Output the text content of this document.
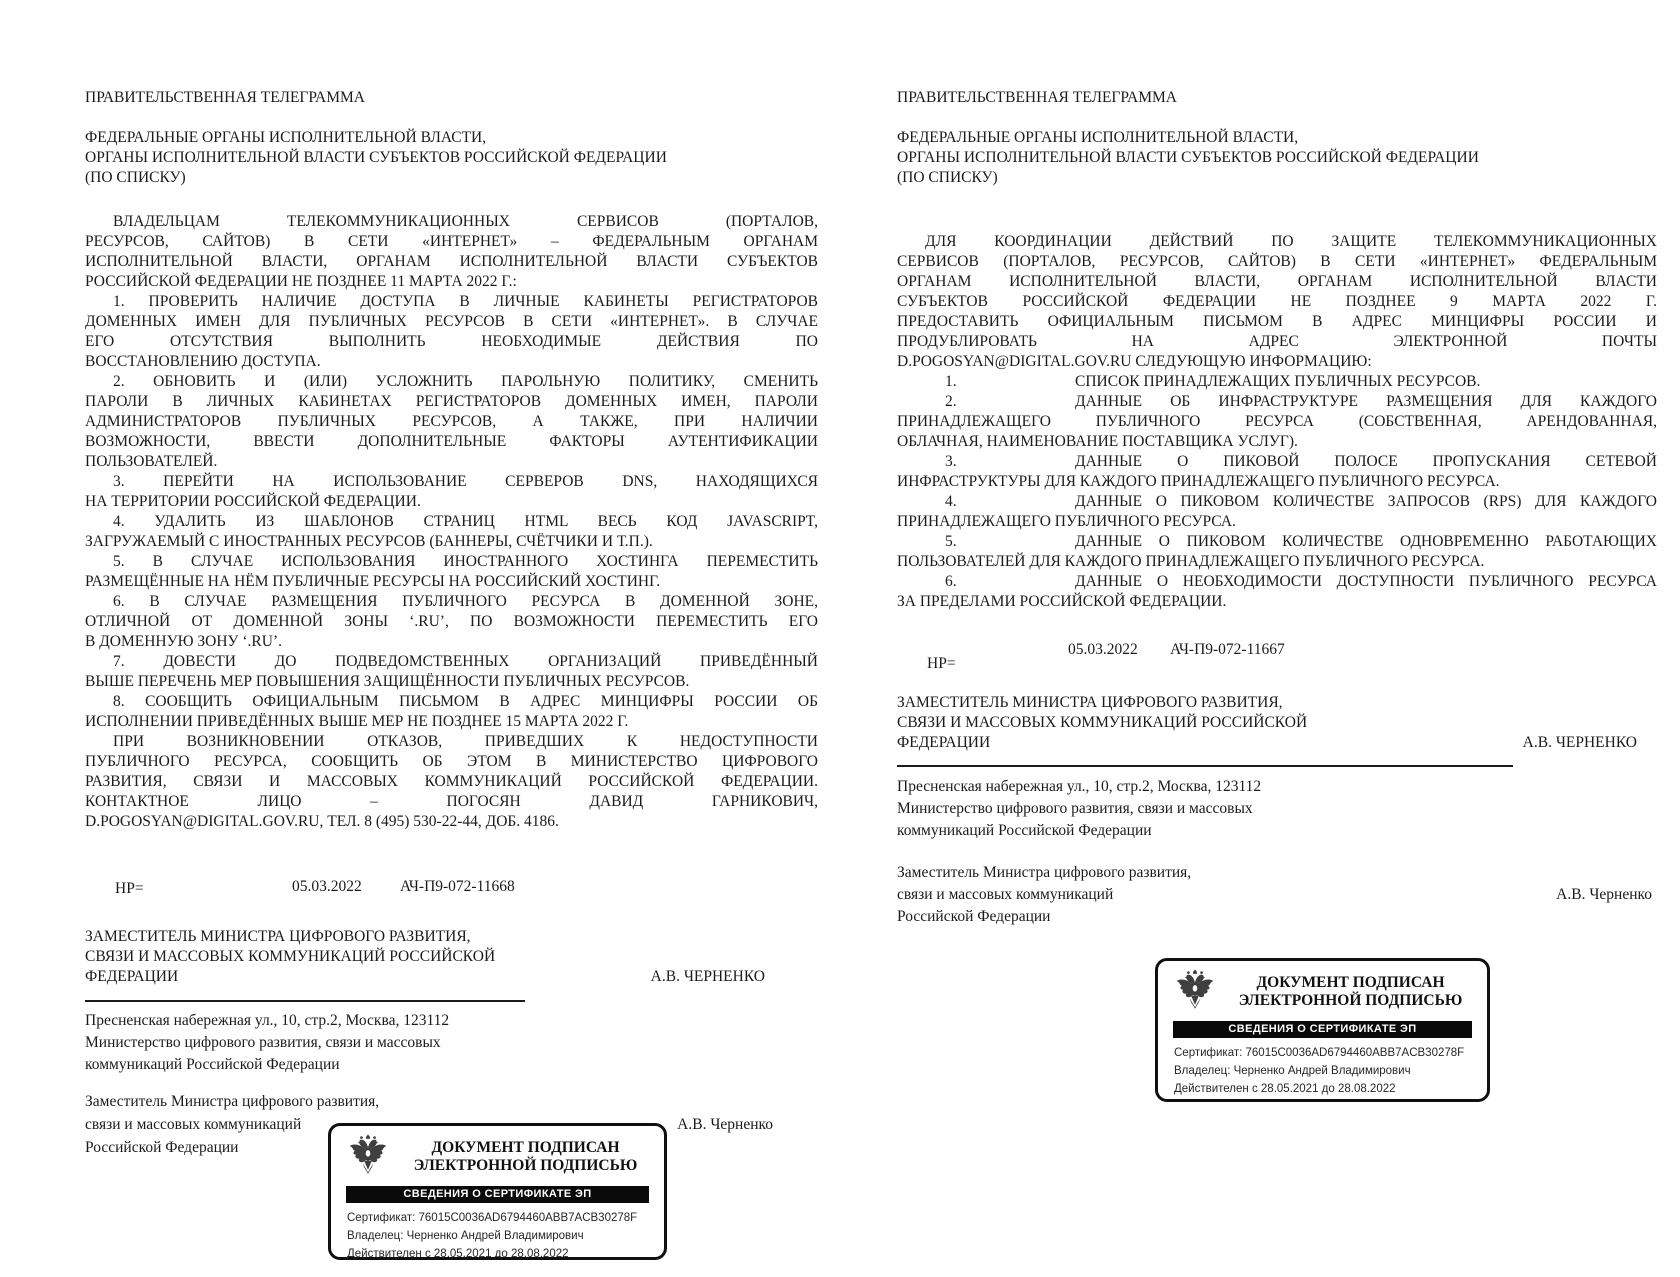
ПРАВИТЕЛЬСТВЕННАЯ ТЕЛЕГРАММА

ФЕДЕРАЛЬНЫЕ ОРГАНЫ ИСПОЛНИТЕЛЬНОЙ ВЛАСТИ,

ОРГАНЫ ИСПОЛНИТЕЛЬНОЙ ВЛАСТИ СУБЪЕКТОВ РОССИЙСКОЙ ФЕДЕРАЦИИ

(ПО СПИСКУ)

ВЛАДЕЛЬЦАМ ТЕЛЕКОММУНИКАЦИОННЫХ СЕРВИСОВ (ПОРТАЛОВ,

РЕСУРСОВ, САЙТОВ) В СЕТИ «ИНТЕРНЕТ» – ФЕДЕРАЛЬНЫМ ОРГАНАМ

ИСПОЛНИТЕЛЬНОЙ ВЛАСТИ, ОРГАНАМ ИСПОЛНИТЕЛЬНОЙ ВЛАСТИ СУБЪЕКТОВ

РОССИЙСКОЙ ФЕДЕРАЦИИ НЕ ПОЗДНЕЕ 11 МАРТА 2022 Г.:

1. ПРОВЕРИТЬ НАЛИЧИЕ ДОСТУПА В ЛИЧНЫЕ КАБИНЕТЫ РЕГИСТРАТОРОВ

ДОМЕННЫХ ИМЕН ДЛЯ ПУБЛИЧНЫХ РЕСУРСОВ В СЕТИ «ИНТЕРНЕТ». В СЛУЧАЕ

ЕГО ОТСУТСТВИЯ ВЫПОЛНИТЬ НЕОБХОДИМЫЕ ДЕЙСТВИЯ ПО

ВОССТАНОВЛЕНИЮ ДОСТУПА.

2. ОБНОВИТЬ И (ИЛИ) УСЛОЖНИТЬ ПАРОЛЬНУЮ ПОЛИТИКУ, СМЕНИТЬ

ПАРОЛИ В ЛИЧНЫХ КАБИНЕТАХ РЕГИСТРАТОРОВ ДОМЕННЫХ ИМЕН, ПАРОЛИ

АДМИНИСТРАТОРОВ ПУБЛИЧНЫХ РЕСУРСОВ, А ТАКЖЕ, ПРИ НАЛИЧИИ

ВОЗМОЖНОСТИ, ВВЕСТИ ДОПОЛНИТЕЛЬНЫЕ ФАКТОРЫ АУТЕНТИФИКАЦИИ

ПОЛЬЗОВАТЕЛЕЙ.

3. ПЕРЕЙТИ НА ИСПОЛЬЗОВАНИЕ СЕРВЕРОВ DNS, НАХОДЯЩИХСЯ

НА ТЕРРИТОРИИ РОССИЙСКОЙ ФЕДЕРАЦИИ.

4. УДАЛИТЬ ИЗ ШАБЛОНОВ СТРАНИЦ HTML ВЕСЬ КОД JAVASCRIPT,

ЗАГРУЖАЕМЫЙ С ИНОСТРАННЫХ РЕСУРСОВ (БАННЕРЫ, СЧЁТЧИКИ И Т.П.).

5. В СЛУЧАЕ ИСПОЛЬЗОВАНИЯ ИНОСТРАННОГО ХОСТИНГА ПЕРЕМЕСТИТЬ

РАЗМЕЩЁННЫЕ НА НЁМ ПУБЛИЧНЫЕ РЕСУРСЫ НА РОССИЙСКИЙ ХОСТИНГ.

6. В СЛУЧАЕ РАЗМЕЩЕНИЯ ПУБЛИЧНОГО РЕСУРСА В ДОМЕННОЙ ЗОНЕ,

ОТЛИЧНОЙ ОТ ДОМЕННОЙ ЗОНЫ ‘.RU’, ПО ВОЗМОЖНОСТИ ПЕРЕМЕСТИТЬ ЕГО

В ДОМЕННУЮ ЗОНУ ‘.RU’.

7. ДОВЕСТИ ДО ПОДВЕДОМСТВЕННЫХ ОРГАНИЗАЦИЙ ПРИВЕДЁННЫЙ

ВЫШЕ ПЕРЕЧЕНЬ МЕР ПОВЫШЕНИЯ ЗАЩИЩЁННОСТИ ПУБЛИЧНЫХ РЕСУРСОВ.

8. СООБЩИТЬ ОФИЦИАЛЬНЫМ ПИСЬМОМ В АДРЕС МИНЦИФРЫ РОССИИ ОБ

ИСПОЛНЕНИИ ПРИВЕДЁННЫХ ВЫШЕ МЕР НЕ ПОЗДНЕЕ 15 МАРТА 2022 Г.

ПРИ ВОЗНИКНОВЕНИИ ОТКАЗОВ, ПРИВЕДШИХ К НЕДОСТУПНОСТИ

ПУБЛИЧНОГО РЕСУРСА, СООБЩИТЬ ОБ ЭТОМ В МИНИСТЕРСТВО ЦИФРОВОГО

РАЗВИТИЯ, СВЯЗИ И МАССОВЫХ КОММУНИКАЦИЙ РОССИЙСКОЙ ФЕДЕРАЦИИ.

КОНТАКТНОЕ ЛИЦО – ПОГОСЯН ДАВИД ГАРНИКОВИЧ,

D.POGOSYAN@DIGITAL.GOV.RU, ТЕЛ. 8 (495) 530-22-44, ДОБ. 4186.

НР=	05.03.2022 АЧ-П9-072-11668

ЗАМЕСТИТЕЛЬ МИНИСТРА ЦИФРОВОГО РАЗВИТИЯ,

СВЯЗИ И МАССОВЫХ КОММУНИКАЦИЙ РОССИЙСКОЙ

ФЕДЕРАЦИИ	А.В. ЧЕРНЕНКО

Пресненская набережная ул., 10, стр.2, Москва, 123112

Министерство цифрового развития, связи и массовых

коммуникаций Российской Федерации

Заместитель Министра цифрового развития,

связи и массовых коммуникаций	А.В. Черненко

Российской Федерации	ДОКУМЕНТ ПОДПИСАН
ЭЛЕКТРОННОЙ ПОДПИСЬЮ
СВЕДЕНИЯ О СЕРТИФИКАТЕ ЭП

Сертификат: 76015C0036AD6794460ABB7ACB30278F

Владелец: Черненко Андрей Владимирович

Действителен с 28.05.2021 до 28.08.2022

ПРАВИТЕЛЬСТВЕННАЯ ТЕЛЕГРАММА

ФЕДЕРАЛЬНЫЕ ОРГАНЫ ИСПОЛНИТЕЛЬНОЙ ВЛАСТИ,

ОРГАНЫ ИСПОЛНИТЕЛЬНОЙ ВЛАСТИ СУБЪЕКТОВ РОССИЙСКОЙ ФЕДЕРАЦИИ

(ПО СПИСКУ)

ДЛЯ КООРДИНАЦИИ ДЕЙСТВИЙ ПО ЗАЩИТЕ ТЕЛЕКОММУНИКАЦИОННЫХ

СЕРВИСОВ (ПОРТАЛОВ, РЕСУРСОВ, САЙТОВ) В СЕТИ «ИНТЕРНЕТ» ФЕДЕРАЛЬНЫМ

ОРГАНАМ ИСПОЛНИТЕЛЬНОЙ ВЛАСТИ, ОРГАНАМ ИСПОЛНИТЕЛЬНОЙ ВЛАСТИ

СУБЪЕКТОВ РОССИЙСКОЙ ФЕДЕРАЦИИ НЕ ПОЗДНЕЕ 9 МАРТА 2022 Г.

ПРЕДОСТАВИТЬ ОФИЦИАЛЬНЫМ ПИСЬМОМ В АДРЕС МИНЦИФРЫ РОССИИ И

ПРОДУБЛИРОВАТЬ НА АДРЕС ЭЛЕКТРОННОЙ ПОЧТЫ

D.POGOSYAN@DIGITAL.GOV.RU СЛЕДУЮЩУЮ ИНФОРМАЦИЮ:

1.	СПИСОК ПРИНАДЛЕЖАЩИХ ПУБЛИЧНЫХ РЕСУРСОВ.

2.	ДАННЫЕ ОБ ИНФРАСТРУКТУРЕ РАЗМЕЩЕНИЯ ДЛЯ КАЖДОГО

ПРИНАДЛЕЖАЩЕГО ПУБЛИЧНОГО РЕСУРСА (СОБСТВЕННАЯ, АРЕНДОВАННАЯ,

ОБЛАЧНАЯ, НАИМЕНОВАНИЕ ПОСТАВЩИКА УСЛУГ).

3.	ДАННЫЕ О ПИКОВОЙ ПОЛОСЕ ПРОПУСКАНИЯ СЕТЕВОЙ

ИНФРАСТРУКТУРЫ ДЛЯ КАЖДОГО ПРИНАДЛЕЖАЩЕГО ПУБЛИЧНОГО РЕСУРСА.

4.	ДАННЫЕ О ПИКОВОМ КОЛИЧЕСТВЕ ЗАПРОСОВ (RPS) ДЛЯ КАЖДОГО

ПРИНАДЛЕЖАЩЕГО ПУБЛИЧНОГО РЕСУРСА.

5.	ДАННЫЕ О ПИКОВОМ КОЛИЧЕСТВЕ ОДНОВРЕМЕННО РАБОТАЮЩИХ

ПОЛЬЗОВАТЕЛЕЙ ДЛЯ КАЖДОГО ПРИНАДЛЕЖАЩЕГО ПУБЛИЧНОГО РЕСУРСА.

6.	ДАННЫЕ О НЕОБХОДИМОСТИ ДОСТУПНОСТИ ПУБЛИЧНОГО РЕСУРСА

ЗА ПРЕДЕЛАМИ РОССИЙСКОЙ ФЕДЕРАЦИИ.

НР=
05.03.2022 АЧ-П9-072-11667

ЗАМЕСТИТЕЛЬ МИНИСТРА ЦИФРОВОГО РАЗВИТИЯ,

СВЯЗИ И МАССОВЫХ КОММУНИКАЦИЙ РОССИЙСКОЙ

ФЕДЕРАЦИИ	А.В. ЧЕРНЕНКО

Пресненская набережная ул., 10, стр.2, Москва, 123112

Министерство цифрового развития, связи и массовых

коммуникаций Российской Федерации

Заместитель Министра цифрового развития,

связи и массовых коммуникаций	А.В. Черненко

Российской Федерации

ДОКУМЕНТ ПОДПИСАН
ЭЛЕКТРОННОЙ ПОДПИСЬЮ
СВЕДЕНИЯ О СЕРТИФИКАТЕ ЭП

Сертификат: 76015C0036AD6794460ABB7ACB30278F

Владелец: Черненко Андрей Владимирович

Действителен с 28.05.2021 до 28.08.2022
